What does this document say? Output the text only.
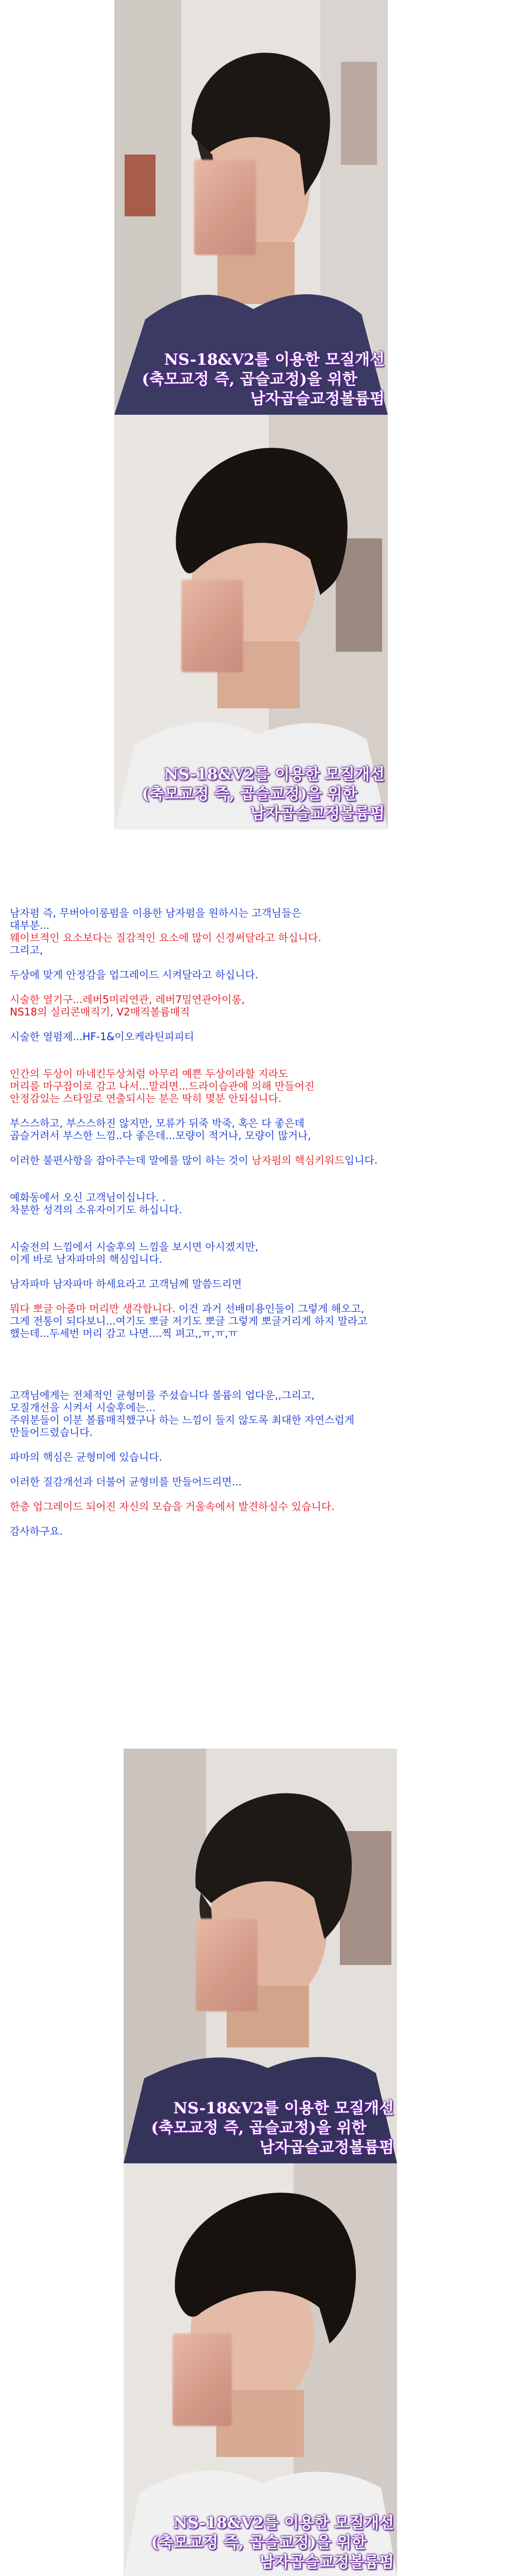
NS-18&V2를 이용한 모질개선
(축모교정 즉, 곱슬교정)을 위한
남자곱슬교정볼륨펌
NS-18&V2를 이용한 모질개선
(축모교정 즉, 곱슬교정)을 위한
남자곱슬교정볼륨펌

남자펌 즉, 무버아이롱펌을 이용한 남자펌을 원하시는 고객님들은

대부분...

웨이브적인 요소보다는 질감적인 요소에 많이 신경써달라고 하십니다.

그리고,

두상에 맞게 안정감을 업그레이드 시켜달라고 하십니다.

시술한 열기구...레버5미리연관, 레버7밀연관아이롱,

NS18의 실리콘매직기, V2매직볼륨매직

시술한 열펌제...HF-1&이오케라틴피피티

인간의 두상이 마네킨두상처럼 아무리 예쁜 두상이라할 지라도

머리를 마구잡이로 감고 나서...말리면...드라이습관에 의해 만들어진

안정감있는 스타일로 연출되시는 분은 딱히 몇분 안되십니다.

부스스하고, 부스스하진 않지만, 모류가 뒤죽 박죽, 혹은 다 좋은데

곱슬거려서 부스한 느낌..다 좋은데...모량이 적거나, 모량이 많거나,

이러한 불편사항을 잡아주는데 말에를 많이 하는 것이 남자펌의 핵심키워드입니다.

예화동에서 오신 고객님이십니다. .

차분한 성격의 소유자이기도 하십니다.

시술전의 느낌에서 시술후의 느낌을 보시면 아시겠지만,

이게 바로 남자파마의 핵심입니다.

남자파마 남자파마 하세요라고 고객님께 말씀드리면

뭐다 뽀글 아줌마 머리만 생각합니다. 이건 과거 선배미용인들이 그렇게 해오고,

그게 전통이 되다보니...여기도 뽀글 저기도 뽀글 그렇게 뽀글거리게 하지 말라고

했는데...두세번 머리 감고 나면....찍 펴고,,ㅠ,ㅠ,ㅠ

고객님에게는 전체적인 균형미를 주셨습니다 볼륨의 업다운,,그리고,

모질개선을 시켜서 시술후에는...

주위분들이 이분 볼륨매직했구나 하는 느낌이 들지 않도록 최대한 자연스럽게

만들어드렸습니다.

파마의 핵심은 균형미에 있습니다.

이러한 질감개선과 더불어 균형미를 만들어드리면...

한층 업그레이드 되어진 자신의 모습을 거울속에서 발견하실수 있습니다.

감사하구요.

NS-18&V2를 이용한 모질개선
(축모교정 즉, 곱슬교정)을 위한
남자곱슬교정볼륨펌
NS-18&V2를 이용한 모질개선
(축모교정 즉, 곱슬교정)을 위한
남자곱슬교정볼륨펌
